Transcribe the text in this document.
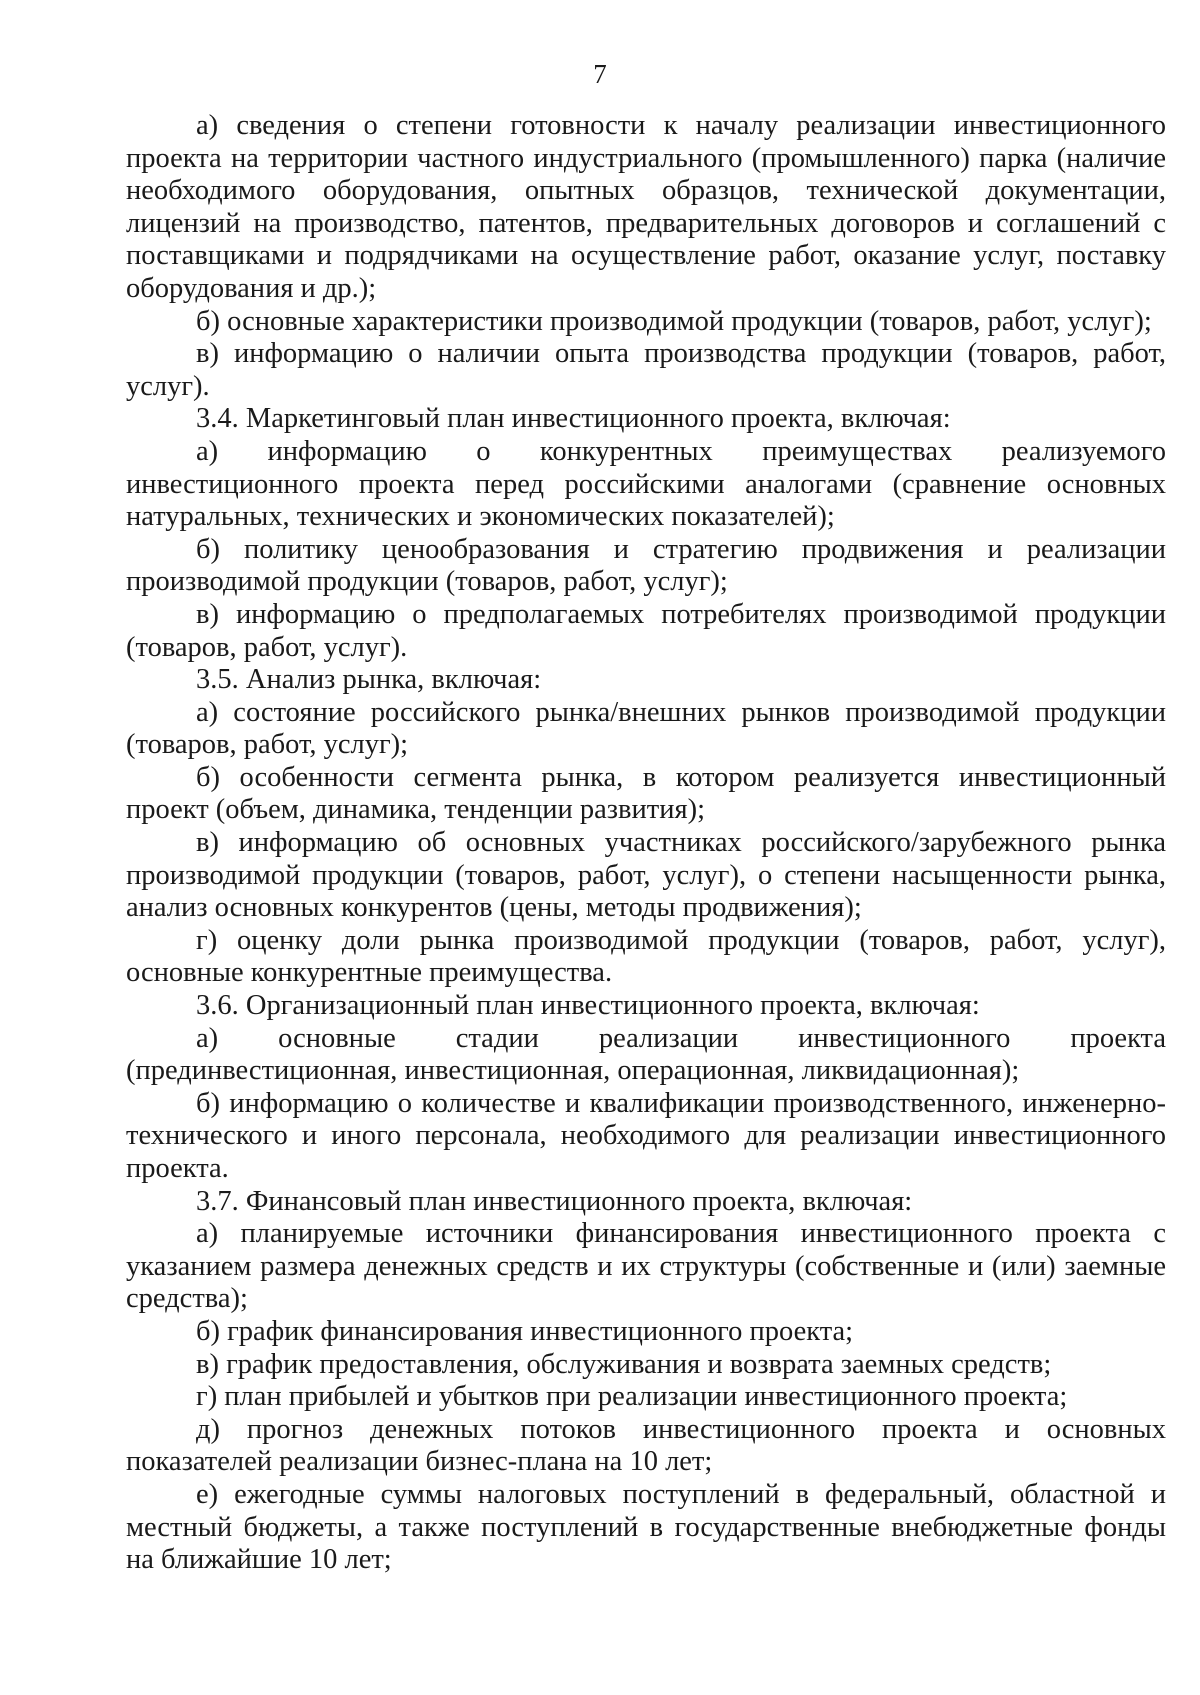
7

а) сведения о степени готовности к началу реализации инвестиционного проекта на территории частного индустриального (промышленного) парка (наличие необходимого оборудования, опытных образцов, технической документации, лицензий на производство, патентов, предварительных договоров и соглашений с поставщиками и подрядчиками на осуществление работ, оказание услуг, поставку оборудования и др.);

б) основные характеристики производимой продукции (товаров, работ, услуг);

в) информацию о наличии опыта производства продукции (товаров, работ, услуг).

3.4. Маркетинговый план инвестиционного проекта, включая:

а) информацию о конкурентных преимуществах реализуемого инвестиционного проекта перед российскими аналогами (сравнение основных натуральных, технических и экономических показателей);

б) политику ценообразования и стратегию продвижения и реализации производимой продукции (товаров, работ, услуг);

в) информацию о предполагаемых потребителях производимой продукции (товаров, работ, услуг).

3.5. Анализ рынка, включая:

а) состояние российского рынка/внешних рынков производимой продукции (товаров, работ, услуг);

б) особенности сегмента рынка, в котором реализуется инвестиционный проект (объем, динамика, тенденции развития);

в) информацию об основных участниках российского/зарубежного рынка производимой продукции (товаров, работ, услуг), о степени насыщенности рынка, анализ основных конкурентов (цены, методы продвижения);

г) оценку доли рынка производимой продукции (товаров, работ, услуг), основные конкурентные преимущества.

3.6. Организационный план инвестиционного проекта, включая:

а) основные стадии реализации инвестиционного проекта (прединвестиционная, инвестиционная, операционная, ликвидационная);

б) информацию о количестве и квалификации производственного, инженерно-технического и иного персонала, необходимого для реализации инвестиционного проекта.

3.7. Финансовый план инвестиционного проекта, включая:

а) планируемые источники финансирования инвестиционного проекта с указанием размера денежных средств и их структуры (собственные и (или) заемные средства);

б) график финансирования инвестиционного проекта;

в) график предоставления, обслуживания и возврата заемных средств;

г) план прибылей и убытков при реализации инвестиционного проекта;

д) прогноз денежных потоков инвестиционного проекта и основных показателей реализации бизнес-плана на 10 лет;

е) ежегодные суммы налоговых поступлений в федеральный, областной и местный бюджеты, а также поступлений в государственные внебюджетные фонды на ближайшие 10 лет;
